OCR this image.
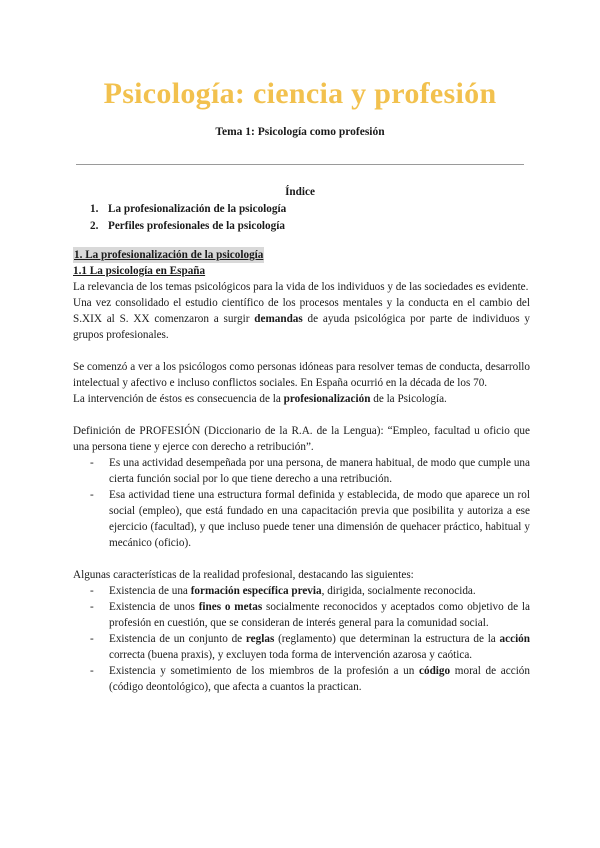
Psicología: ciencia y profesión
Tema 1: Psicología como profesión
Índice
1. La profesionalización de la psicología
2. Perfiles profesionales de la psicología

1. La profesionalización de la psicología

1.1 La psicología en España

La relevancia de los temas psicológicos para la vida de los individuos y de las sociedades es evidente.

Una vez consolidado el estudio científico de los procesos mentales y la conducta en el cambio del S.XIX al S. XX comenzaron a surgir demandas de ayuda psicológica por parte de individuos y grupos profesionales.

Se comenzó a ver a los psicólogos como personas idóneas para resolver temas de conducta, desarrollo intelectual y afectivo e incluso conflictos sociales. En España ocurrió en la década de los 70.

La intervención de éstos es consecuencia de la profesionalización de la Psicología.

Definición de PROFESIÓN (Diccionario de la R.A. de la Lengua): “Empleo, facultad u oficio que una persona tiene y ejerce con derecho a retribución”.

- Es una actividad desempeñada por una persona, de manera habitual, de modo que cumple una cierta función social por lo que tiene derecho a una retribución.
- Esa actividad tiene una estructura formal definida y establecida, de modo que aparece un rol social (empleo), que está fundado en una capacitación previa que posibilita y autoriza a ese ejercicio (facultad), y que incluso puede tener una dimensión de quehacer práctico, habitual y mecánico (oficio).

Algunas características de la realidad profesional, destacando las siguientes:

- Existencia de una formación específica previa, dirigida, socialmente reconocida.
- Existencia de unos fines o metas socialmente reconocidos y aceptados como objetivo de la profesión en cuestión, que se consideran de interés general para la comunidad social.
- Existencia de un conjunto de reglas (reglamento) que determinan la estructura de la acción correcta (buena praxis), y excluyen toda forma de intervención azarosa y caótica.
- Existencia y sometimiento de los miembros de la profesión a un código moral de acción (código deontológico), que afecta a cuantos la practican.
